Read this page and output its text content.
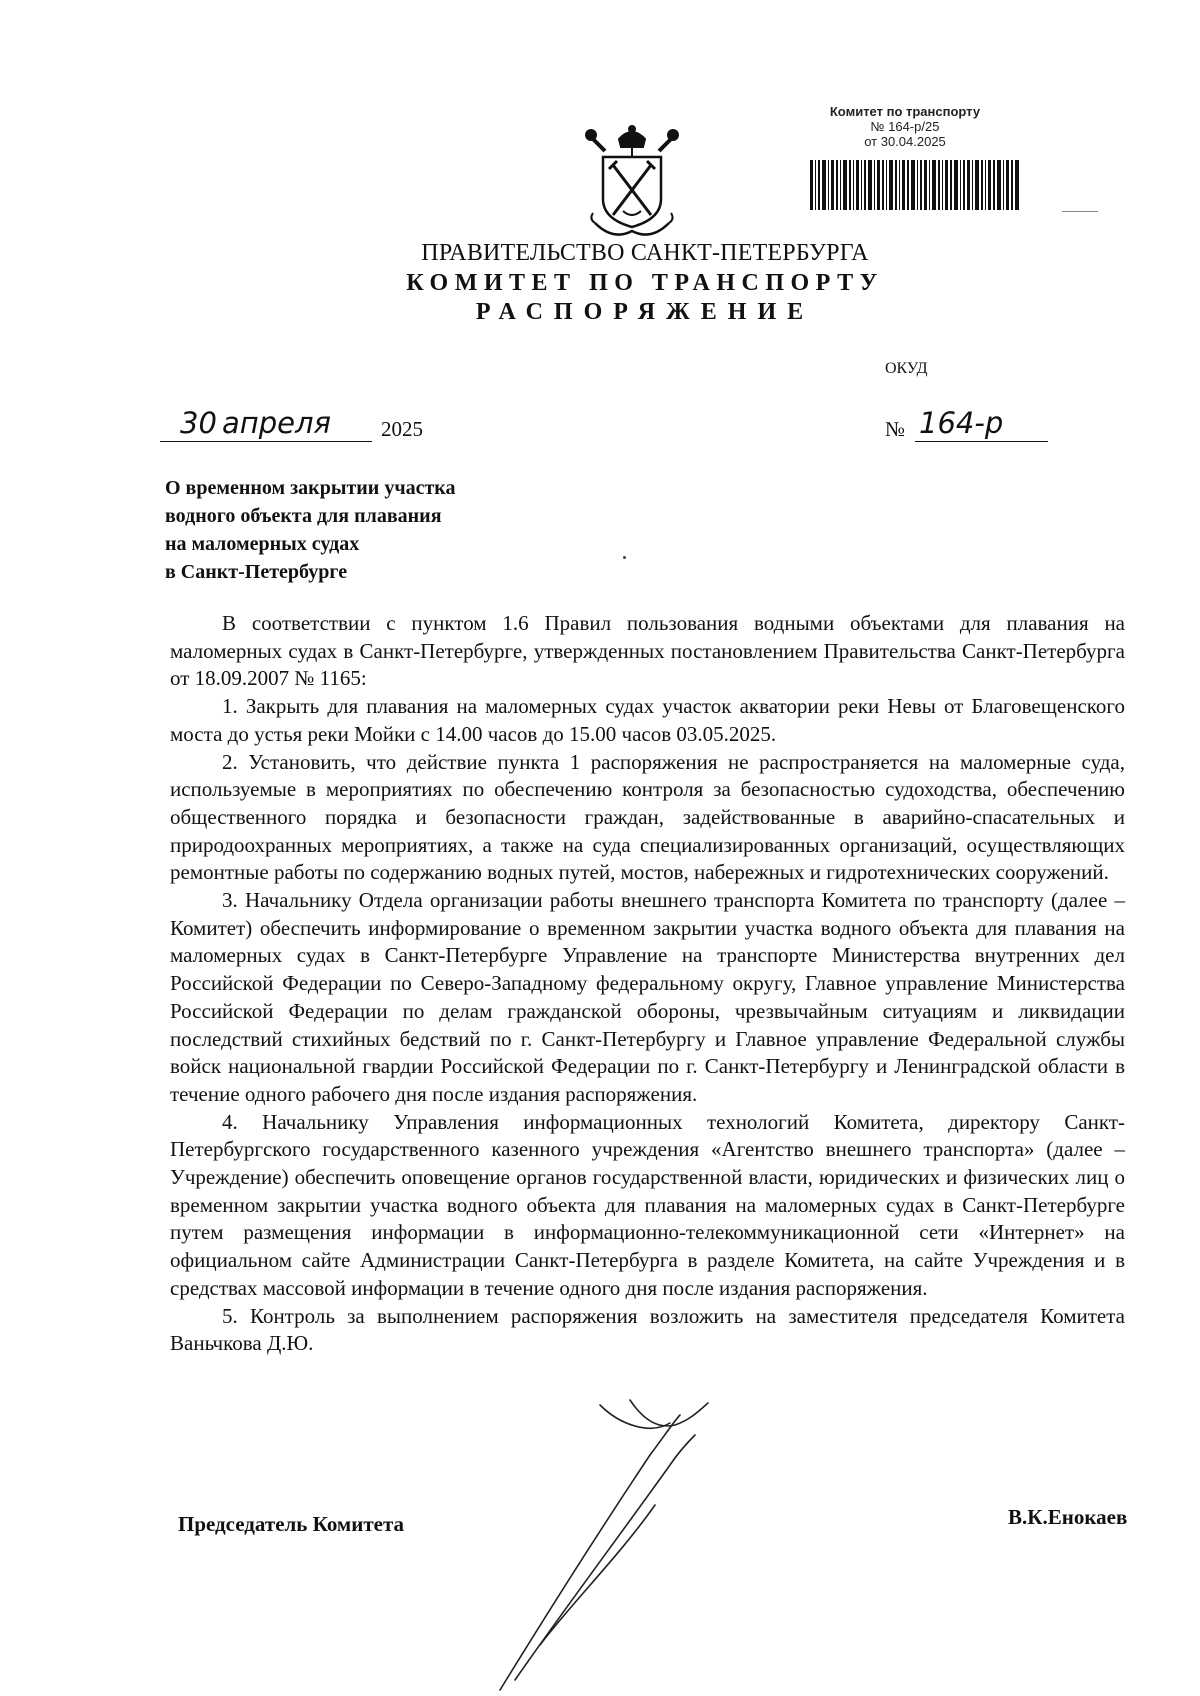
Комитет по транспорту
№ 164-р/25
от 30.04.2025
ПРАВИТЕЛЬСТВО САНКТ-ПЕТЕРБУРГА
КОМИТЕТ ПО ТРАНСПОРТУ
РАСПОРЯЖЕНИЕ
ОКУД
30 апреля 2025	№ 164-р
О временном закрытии участка
водного объекта для плавания
на маломерных судах
в Санкт-Петербурге

В соответствии с пунктом 1.6 Правил пользования водными объектами для плавания на маломерных судах в Санкт-Петербурге, утвержденных постановлением Правительства Санкт-Петербурга от 18.09.2007 № 1165:

1. Закрыть для плавания на маломерных судах участок акватории реки Невы от Благовещенского моста до устья реки Мойки с 14.00 часов до 15.00 часов 03.05.2025.

2. Установить, что действие пункта 1 распоряжения не распространяется на маломерные суда, используемые в мероприятиях по обеспечению контроля за безопасностью судоходства, обеспечению общественного порядка и безопасности граждан, задействованные в аварийно-спасательных и природоохранных мероприятиях, а также на суда специализированных организаций, осуществляющих ремонтные работы по содержанию водных путей, мостов, набережных и гидротехнических сооружений.

3. Начальнику Отдела организации работы внешнего транспорта Комитета по транспорту (далее – Комитет) обеспечить информирование о временном закрытии участка водного объекта для плавания на маломерных судах в Санкт-Петербурге Управление на транспорте Министерства внутренних дел Российской Федерации по Северо-Западному федеральному округу, Главное управление Министерства Российской Федерации по делам гражданской обороны, чрезвычайным ситуациям и ликвидации последствий стихийных бедствий по г. Санкт-Петербургу и Главное управление Федеральной службы войск национальной гвардии Российской Федерации по г. Санкт-Петербургу и Ленинградской области в течение одного рабочего дня после издания распоряжения.

4. Начальнику Управления информационных технологий Комитета, директору Санкт-Петербургского государственного казенного учреждения «Агентство внешнего транспорта» (далее – Учреждение) обеспечить оповещение органов государственной власти, юридических и физических лиц о временном закрытии участка водного объекта для плавания на маломерных судах в Санкт-Петербурге путем размещения информации в информационно-телекоммуникационной сети «Интернет» на официальном сайте Администрации Санкт-Петербурга в разделе Комитета, на сайте Учреждения и в средствах массовой информации в течение одного дня после издания распоряжения.

5. Контроль за выполнением распоряжения возложить на заместителя председателя Комитета Ваньчкова Д.Ю.

Председатель Комитета	В.К.Енокаев
